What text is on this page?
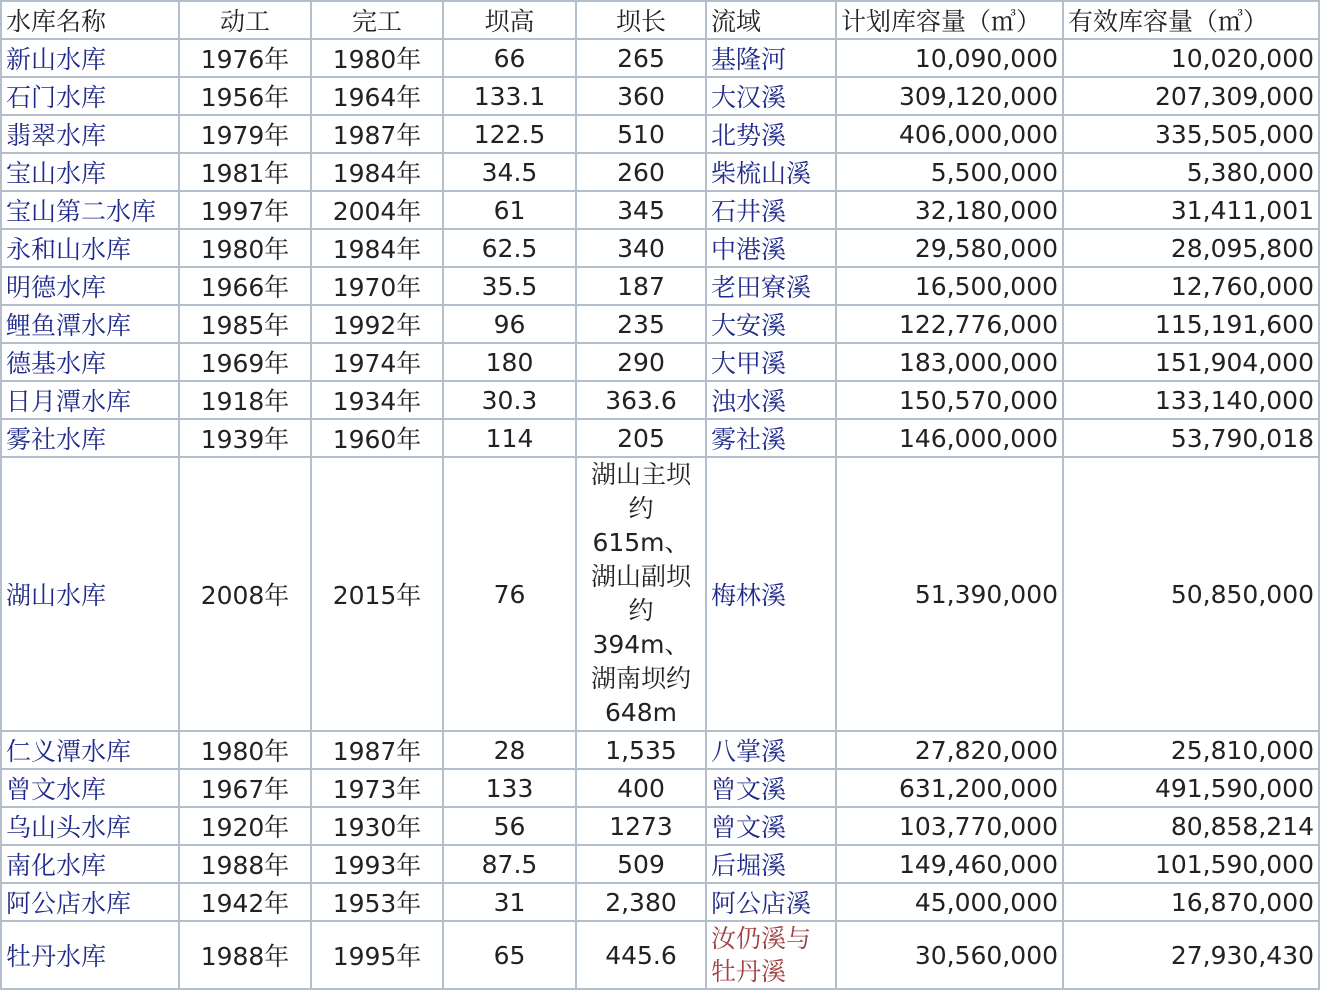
水库名称	动工	完工	坝高	坝长	流域	计划库容量（㎥）	有效库容量（㎥）
新山水库	1976年	1980年	66	265	基隆河	10,090,000	10,020,000
石门水库	1956年	1964年	133.1	360	大汉溪	309,120,000	207,309,000
翡翠水库	1979年	1987年	122.5	510	北势溪	406,000,000	335,505,000
宝山水库	1981年	1984年	34.5	260	柴梳山溪	5,500,000	5,380,000
宝山第二水库	1997年	2004年	61	345	石井溪	32,180,000	31,411,001
永和山水库	1980年	1984年	62.5	340	中港溪	29,580,000	28,095,800
明德水库	1966年	1970年	35.5	187	老田寮溪	16,500,000	12,760,000
鲤鱼潭水库	1985年	1992年	96	235	大安溪	122,776,000	115,191,600
德基水库	1969年	1974年	180	290	大甲溪	183,000,000	151,904,000
日月潭水库	1918年	1934年	30.3	363.6	浊水溪	150,570,000	133,140,000
雾社水库	1939年	1960年	114	205	雾社溪	146,000,000	53,790,018
湖山水库	2008年	2015年	76	湖山主坝约615m、湖山副坝约394m、湖南坝约648m	梅林溪	51,390,000	50,850,000
仁义潭水库	1980年	1987年	28	1,535	八掌溪	27,820,000	25,810,000
曾文水库	1967年	1973年	133	400	曾文溪	631,200,000	491,590,000
乌山头水库	1920年	1930年	56	1273	曾文溪	103,770,000	80,858,214
南化水库	1988年	1993年	87.5	509	后堀溪	149,460,000	101,590,000
阿公店水库	1942年	1953年	31	2,380	阿公店溪	45,000,000	16,870,000
牡丹水库	1988年	1995年	65	445.6	汝仍溪与牡丹溪	30,560,000	27,930,430
